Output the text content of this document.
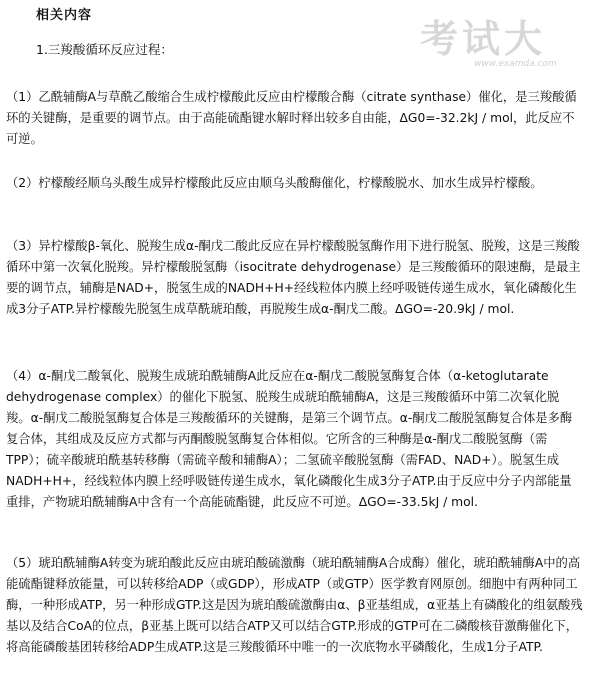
相关内容
考试大
www.examda.com
1.三羧酸循环反应过程：

（1）乙酰辅酶A与草酰乙酸缩合生成柠檬酸此反应由柠檬酸合酶（citrate synthase）催化，是三羧酸循环的关键酶，是重要的调节点。由于高能硫酯键水解时释出较多自由能，ΔG0=-32.2kJ / mol，此反应不可逆。

（2）柠檬酸经顺乌头酸生成异柠檬酸此反应由顺乌头酸酶催化，柠檬酸脱水、加水生成异柠檬酸。

（3）异柠檬酸β-氧化、脱羧生成α-酮戊二酸此反应在异柠檬酸脱氢酶作用下进行脱氢、脱羧，这是三羧酸循环中第一次氧化脱羧。异柠檬酸脱氢酶（isocitrate dehydrogenase）是三羧酸循环的限速酶，是最主要的调节点，辅酶是NAD+，脱氢生成的NADH+H+经线粒体内膜上经呼吸链传递生成水，氧化磷酸化生成3分子ATP.异柠檬酸先脱氢生成草酰琥珀酸，再脱羧生成α-酮戊二酸。ΔGO=-20.9kJ / mol.

（4）α-酮戊二酸氧化、脱羧生成琥珀酰辅酶A此反应在α-酮戊二酸脱氢酶复合体（α-ketoglutarate dehydrogenase complex）的催化下脱氢、脱羧生成琥珀酰辅酶A，这是三羧酸循环中第二次氧化脱羧。α-酮戊二酸脱氢酶复合体是三羧酸循环的关键酶，是第三个调节点。α-酮戊二酸脱氢酶复合体是多酶复合体，其组成及反应方式都与丙酮酸脱氢酶复合体相似。它所含的三种酶是α-酮戊二酸脱氢酶（需TPP）；硫辛酸琥珀酰基转移酶（需硫辛酸和辅酶A）；二氢硫辛酸脱氢酶（需FAD、NAD+）。脱氢生成NADH+H+，经线粒体内膜上经呼吸链传递生成水，氧化磷酸化生成3分子ATP.由于反应中分子内部能量重排，产物琥珀酰辅酶A中含有一个高能硫酯键，此反应不可逆。ΔGO=-33.5kJ / mol.

（5）琥珀酰辅酶A转变为琥珀酸此反应由琥珀酸硫激酶（琥珀酰辅酶A合成酶）催化，琥珀酰辅酶A中的高能硫酯键释放能量，可以转移给ADP（或GDP），形成ATP（或GTP）医学教育网原创。细胞中有两种同工酶，一种形成ATP，另一种形成GTP.这是因为琥珀酸硫激酶由α、β亚基组成，α亚基上有磷酸化的组氨酸残基以及结合CoA的位点，β亚基上既可以结合ATP又可以结合GTP.形成的GTP可在二磷酸核苷激酶催化下，将高能磷酸基团转移给ADP生成ATP.这是三羧酸循环中唯一的一次底物水平磷酸化，生成1分子ATP.
